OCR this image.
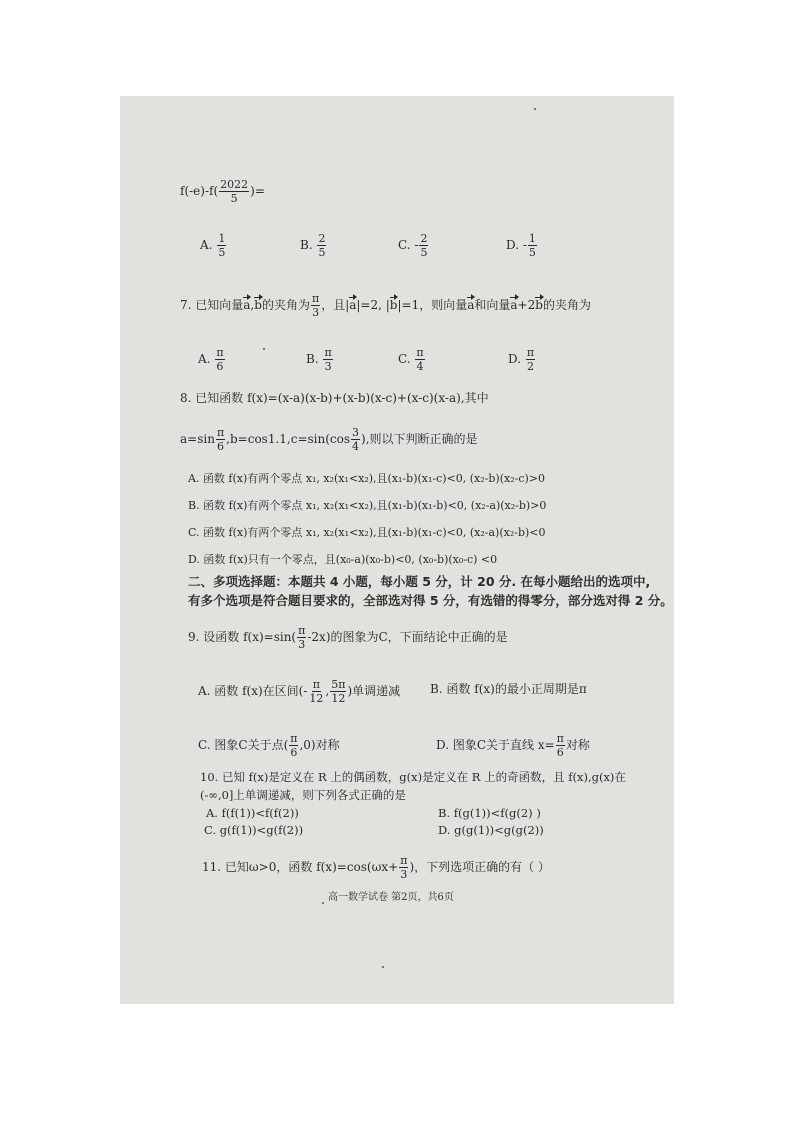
$f(-e)-f( \frac{2022}{5}$ )=
A. $\frac{1}{5}$	B. $\frac{2}{5}$	C. - $\frac{2}{5}$	D. - $\frac{1}{5}$
7. 已知向量a,b的夹角为 $\frac{\pi}{3}$ ，且|a|=2, |b|=1，则向量a和向量a+2b的夹角为
A. $\frac{\pi}{6}$	B. $\frac{\pi}{3}$	C. $\frac{\pi}{4}$	D. $\frac{\pi}{2}$
8. 已知函数 f(x)=(x-a)(x-b)+(x-b)(x-c)+(x-c)(x-a),其中
$a=\sin \frac{\pi}{6} ,b=\cos 1.1,c=\sin(\cos \frac{3}{4}$ ),则以下判断正确的是
A. 函数 f(x)有两个零点 x₁, x₂(x₁<x₂),且(x₁-b)(x₁-c)<0, (x₂-b)(x₂-c)>0
B. 函数 f(x)有两个零点 x₁, x₂(x₁<x₂),且(x₁-b)(x₁-b)<0, (x₂-a)(x₂-b)>0
C. 函数 f(x)有两个零点 x₁, x₂(x₁<x₂),且(x₁-b)(x₁-c)<0, (x₂-a)(x₂-b)<0
D. 函数 f(x)只有一个零点，且(x₀-a)(x₀-b)<0, (x₀-b)(x₀-c) <0
二、多项选择题：本题共 4 小题，每小题 5 分，计 20 分. 在每小题给出的选项中,
有多个选项是符合题目要求的，全部选对得 5 分，有选错的得零分，部分选对得 2 分。
9. 设函数 $f(x)=\sin( \frac{\pi}{3} -2x)$的图象为C，下面结论中正确的是
A. 函数 f(x)在区间(- $\frac{\pi}{12}$ , $\frac{5\pi}{12}$ )单调递减 B. 函数 f(x)的最小正周期是π
C. 图象C关于点( $\frac{\pi}{6} ,0$)对称	D. 图象C关于直线 $x= \frac{\pi}{6}$ 对称
10. 已知 f(x)是定义在 R 上的偶函数，g(x)是定义在 R 上的奇函数，且 f(x),g(x)在
(-∞,0]上单调递减，则下列各式正确的是
A. f(f(1))<f(f(2))	B. f(g(1))<f(g(2) )
C. g(f(1))<g(f(2))	D. g(g(1))<g(g(2))
11. 已知ω>0，函数 $f(x)=\cos(\omega x+ \frac{\pi}{3}$ )，下列选项正确的有（ ）
高一数学试卷 第2页，共6页
